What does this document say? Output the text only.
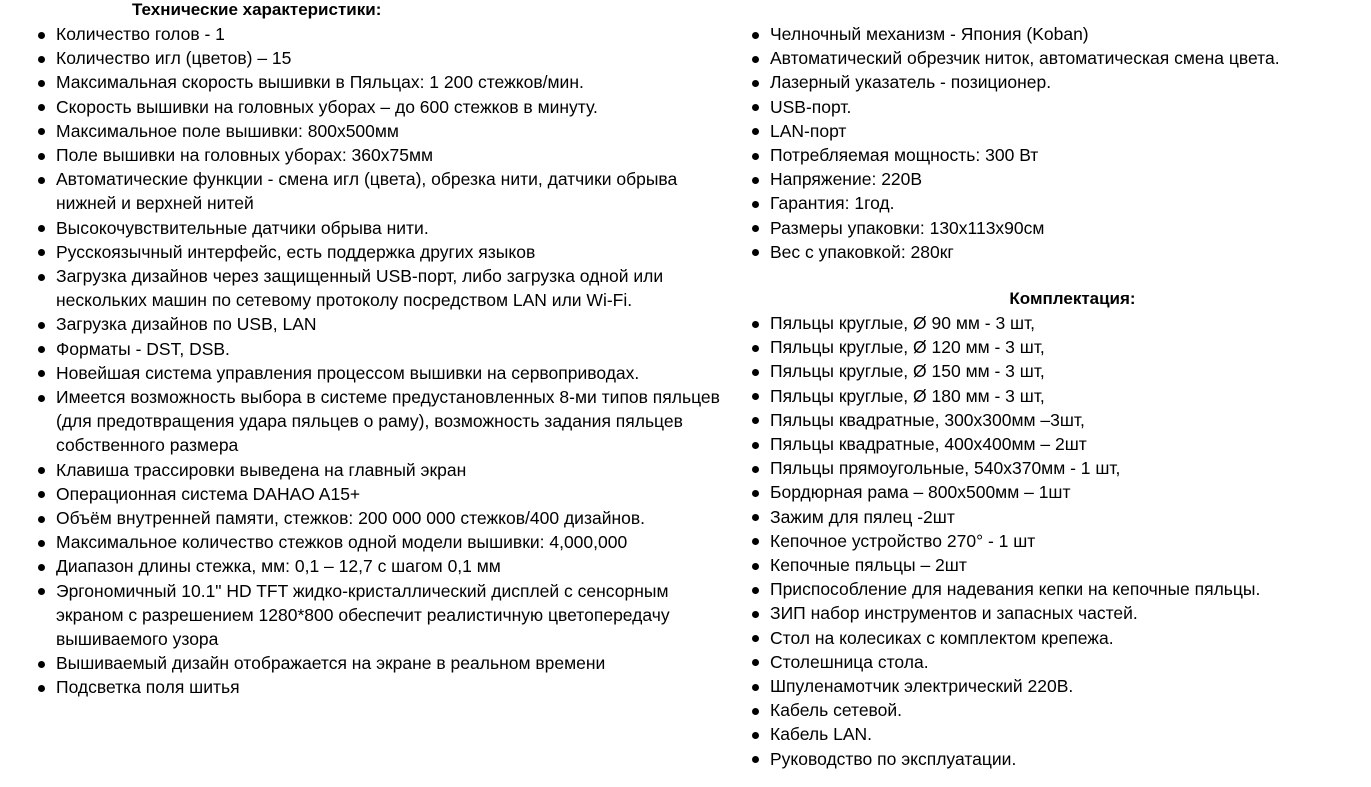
Технические характеристики:
Количество голов - 1
Количество игл (цветов) – 15
Максимальная скорость вышивки в Пяльцах: 1 200 стежков/мин.
Скорость вышивки на головных уборах – до 600 стежков в минуту.
Максимальное поле вышивки: 800х500мм
Поле вышивки на головных уборах: 360х75мм
Автоматические функции - смена игл (цвета), обрезка нити, датчики обрыва нижней и верхней нитей
Высокочувствительные датчики обрыва нити.
Русскоязычный интерфейс, есть поддержка других языков
Загрузка дизайнов через защищенный USB-порт, либо загрузка одной или нескольких машин по сетевому протоколу посредством LAN или Wi-Fi.
Загрузка дизайнов по USB, LAN
Форматы - DST, DSB.
Новейшая система управления процессом вышивки на сервоприводах.
Имеется возможность выбора в системе предустановленных 8-ми типов пяльцев (для предотвращения удара пяльцев о раму), возможность задания пяльцев собственного размера
Клавиша трассировки выведена на главный экран
Операционная система DAHAO A15+
Объём внутренней памяти, стежков: 200 000 000 стежков/400 дизайнов.
Максимальное количество стежков одной модели вышивки: 4,000,000
Диапазон длины стежка, мм: 0,1 – 12,7 с шагом 0,1 мм
Эргономичный 10.1" HD TFT жидко-кристаллический дисплей с сенсорным экраном с разрешением 1280*800 обеспечит реалистичную цветопередачу вышиваемого узора
Вышиваемый дизайн отображается на экране в реальном времени
Подсветка поля шитья
Челночный механизм - Япония (Koban)
Автоматический обрезчик ниток, автоматическая смена цвета.
Лазерный указатель - позиционер.
USB-порт.
LAN-порт
Потребляемая мощность: 300 Вт
Напряжение: 220В
Гарантия: 1год.
Размеры упаковки: 130х113х90см
Вес с упаковкой: 280кг
Комплектация:
Пяльцы круглые, Ø 90 мм - 3 шт,
Пяльцы круглые, Ø 120 мм - 3 шт,
Пяльцы круглые, Ø 150 мм - 3 шт,
Пяльцы круглые, Ø 180 мм - 3 шт,
Пяльцы квадратные, 300х300мм –3шт,
Пяльцы квадратные, 400х400мм – 2шт
Пяльцы прямоугольные, 540х370мм - 1 шт,
Бордюрная рама – 800х500мм – 1шт
Зажим для пялец -2шт
Кепочное устройство 270° - 1 шт
Кепочные пяльцы – 2шт
Приспособление для надевания кепки на кепочные пяльцы.
ЗИП набор инструментов и запасных частей.
Стол на колесиках с комплектом крепежа.
Столешница стола.
Шпуленамотчик электрический 220В.
Кабель сетевой.
Кабель LAN.
Руководство по эксплуатации.
